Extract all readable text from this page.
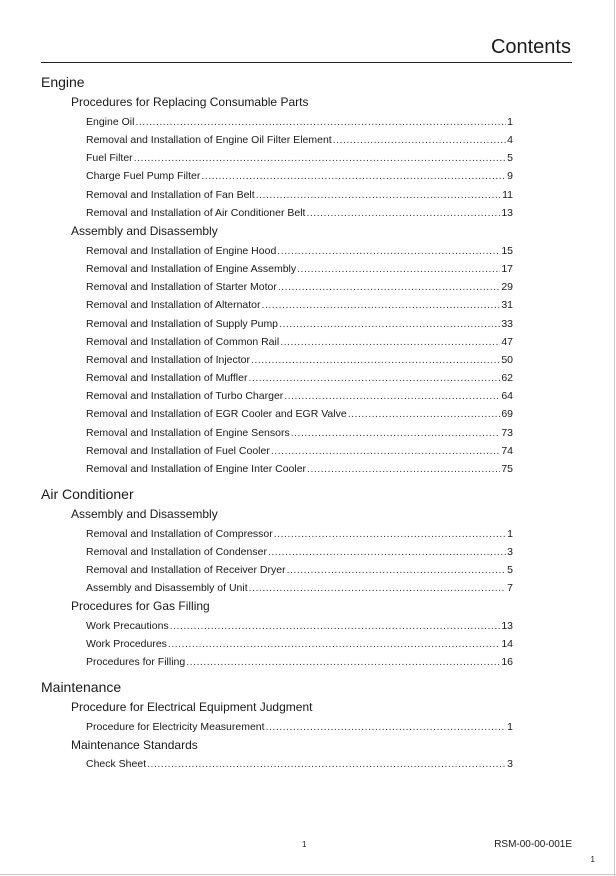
Contents
Engine
Procedures for Replacing Consumable Parts
Engine Oil .....	1
Removal and Installation of Engine Oil Filter Element .....	4
Fuel Filter .....	5
Charge Fuel Pump Filter .....	9
Removal and Installation of Fan Belt .....	11
Removal and Installation of Air Conditioner Belt .....	13
Assembly and Disassembly
Removal and Installation of Engine Hood .....	15
Removal and Installation of Engine Assembly .....	17
Removal and Installation of Starter Motor .....	29
Removal and Installation of Alternator .....	31
Removal and Installation of Supply Pump .....	33
Removal and Installation of Common Rail .....	47
Removal and Installation of Injector .....	50
Removal and Installation of Muffler .....	62
Removal and Installation of Turbo Charger .....	64
Removal and Installation of EGR Cooler and EGR Valve .....	69
Removal and Installation of Engine Sensors .....	73
Removal and Installation of Fuel Cooler .....	74
Removal and Installation of Engine Inter Cooler .....	75
Air Conditioner
Assembly and Disassembly
Removal and Installation of Compressor .....	1
Removal and Installation of Condenser .....	3
Removal and Installation of Receiver Dryer .....	5
Assembly and Disassembly of Unit .....	7
Procedures for Gas Filling
Work Precautions .....	13
Work Procedures .....	14
Procedures for Filling .....	16
Maintenance
Procedure for Electrical Equipment Judgment
Procedure for Electricity Measurement .....	1
Maintenance Standards
Check Sheet .....	3
1	RSM-00-00-001E
1
